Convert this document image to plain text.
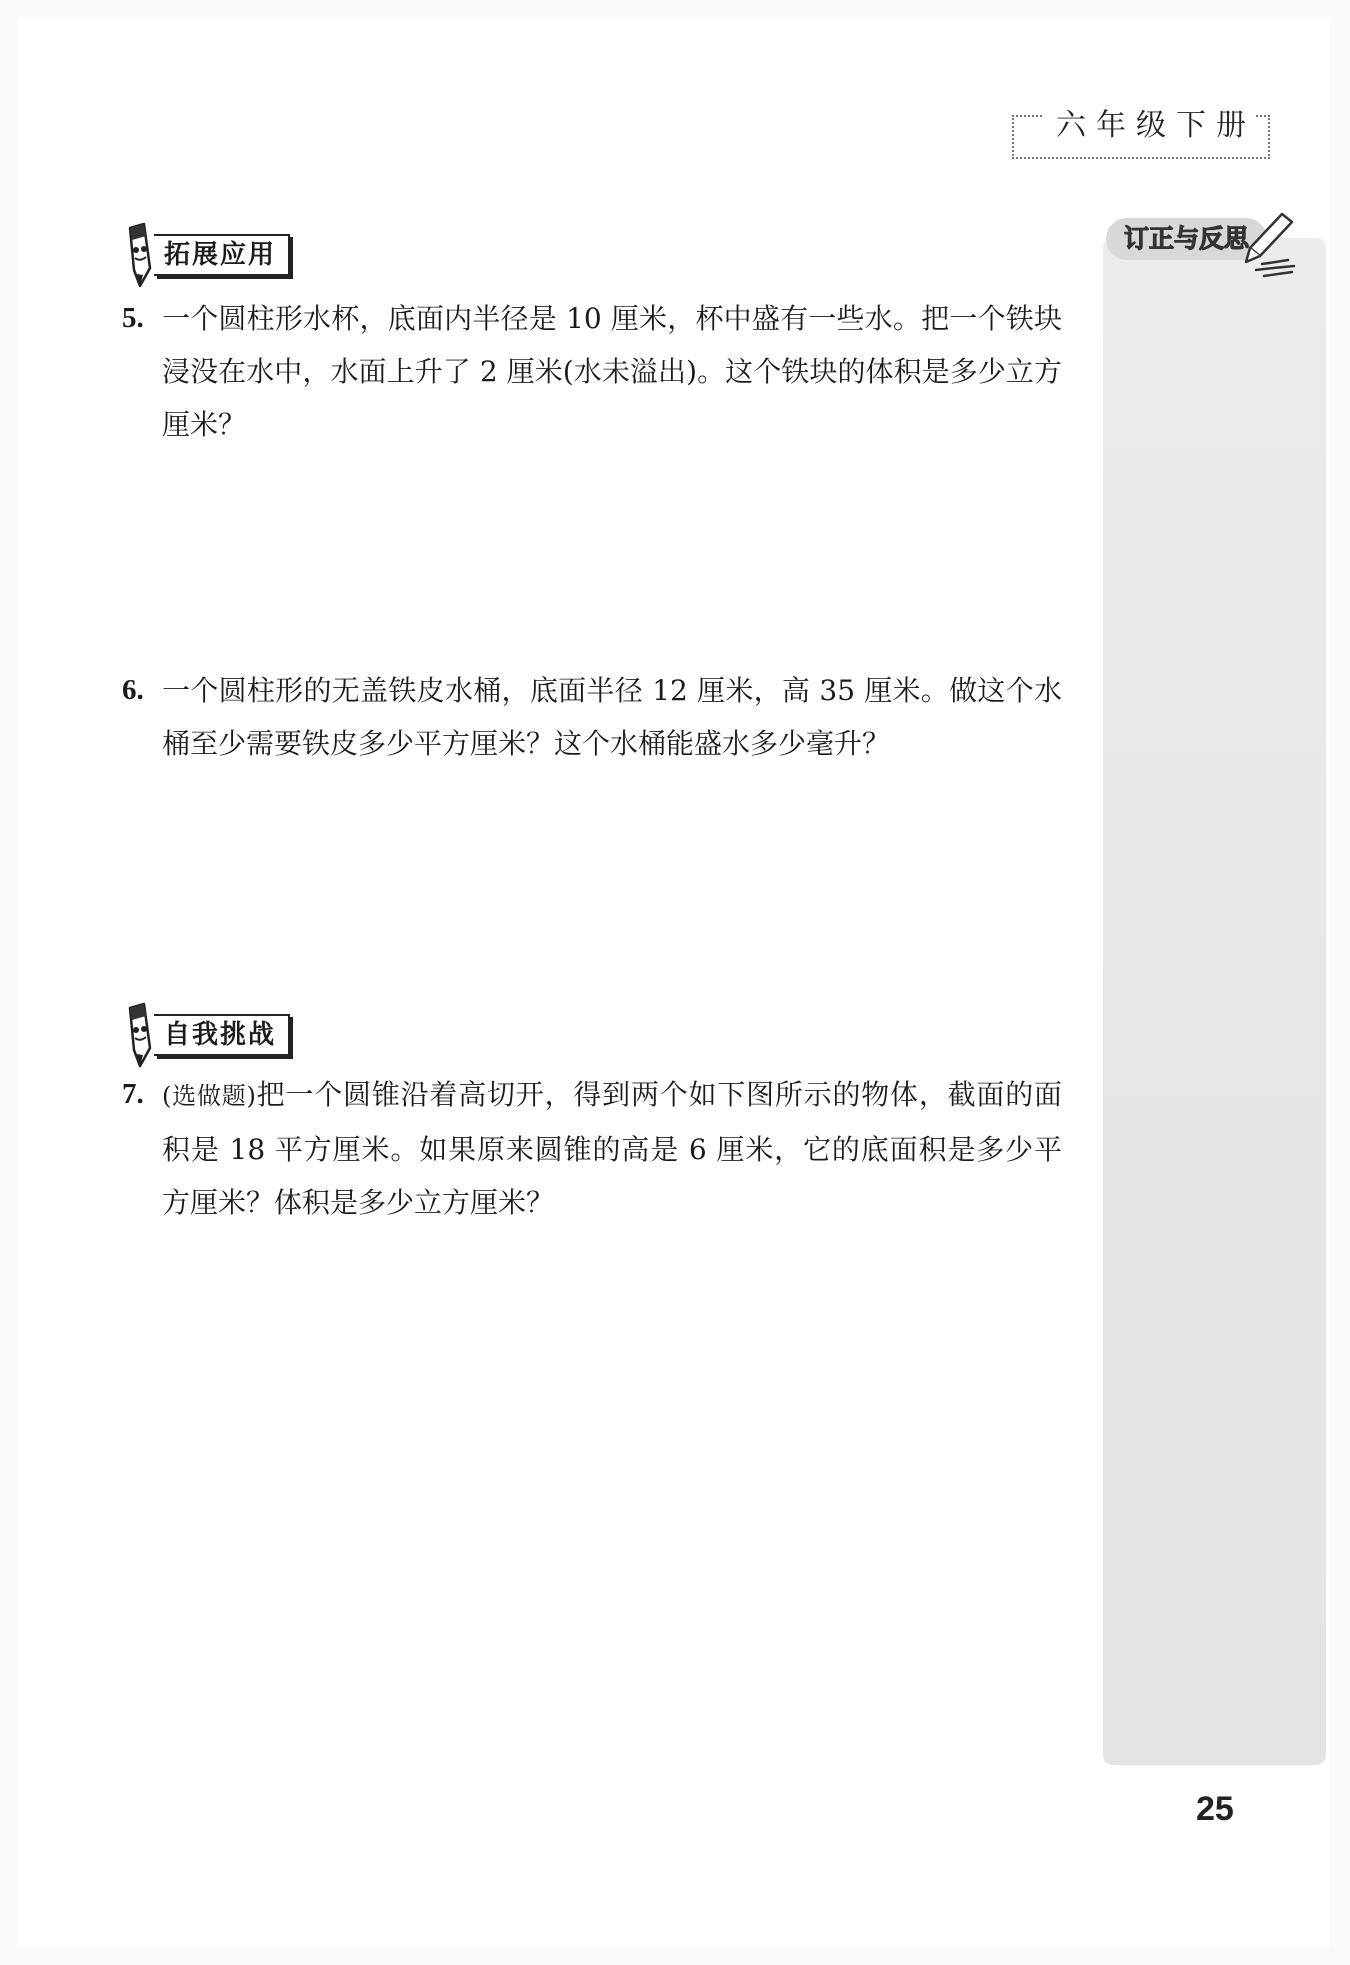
六年级下册
订正与反思
拓展应用
5. 一个圆柱形水杯，底面内半径是 10 厘米，杯中盛有一些水。把一个铁块浸没在水中，水面上升了 2 厘米(水未溢出)。这个铁块的体积是多少立方厘米？
6. 一个圆柱形的无盖铁皮水桶，底面半径 12 厘米，高 35 厘米。做这个水桶至少需要铁皮多少平方厘米？这个水桶能盛水多少毫升？
自我挑战
7. (选做题)把一个圆锥沿着高切开，得到两个如下图所示的物体，截面的面积是 18 平方厘米。如果原来圆锥的高是 6 厘米，它的底面积是多少平方厘米？体积是多少立方厘米？
25
